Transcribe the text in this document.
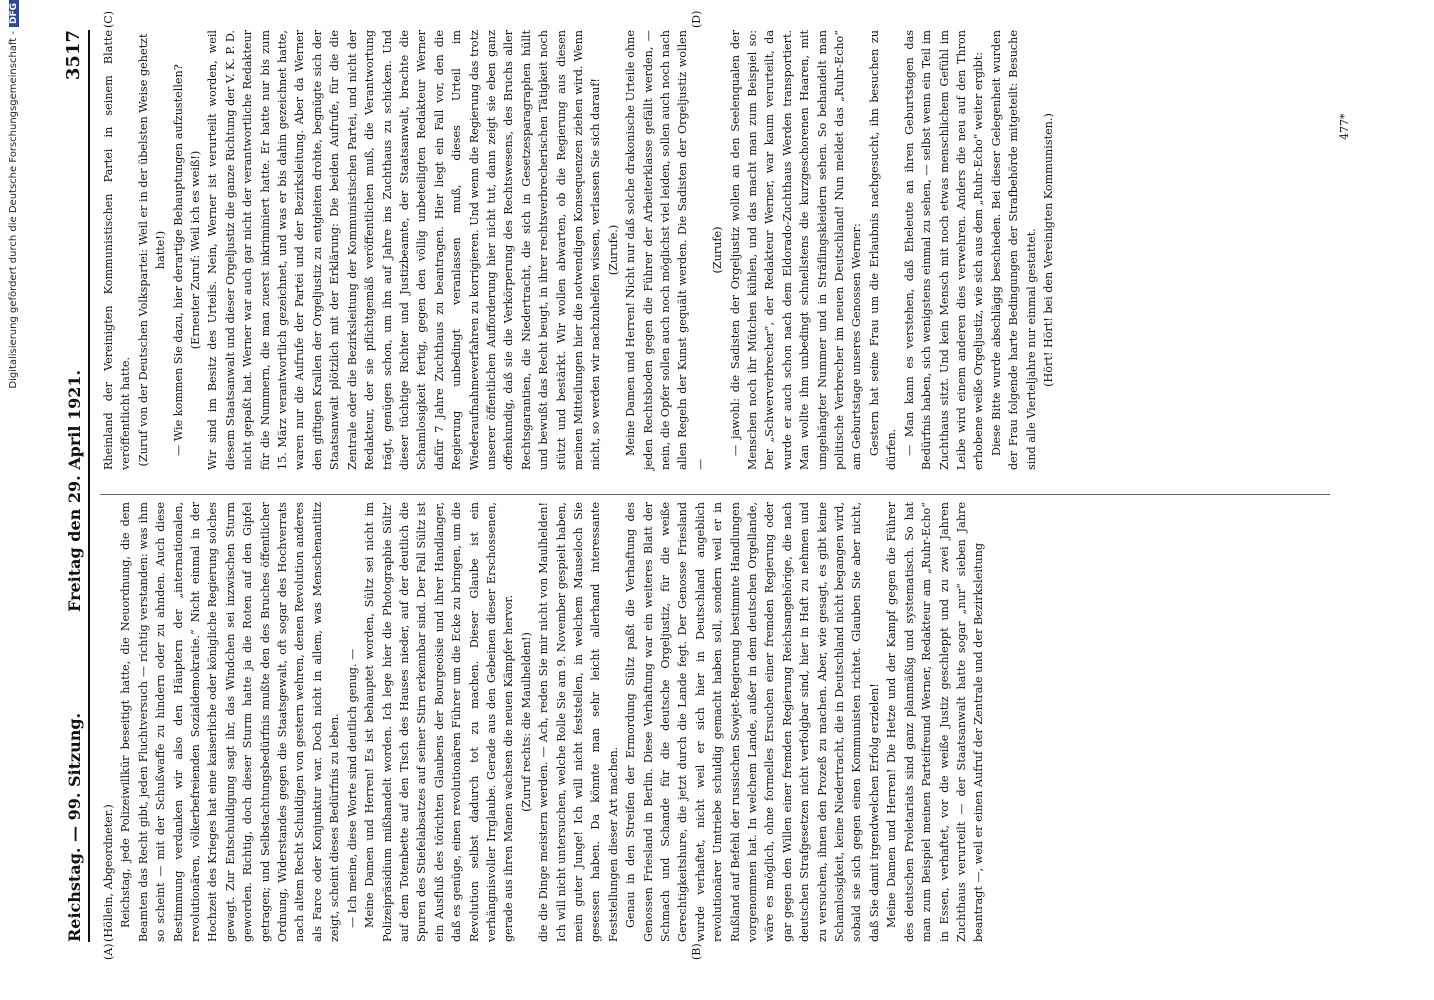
Reichstag. — 99. Sitzung.
Freitag den 29. April 1921.
3517
(A)	(B)
(C)	(D)

(Höllein, Abgeordneter.) Reichstag, jede Polizeiwillkür beseitigt hatte, die Neuordnung, die dem Beamten das Recht gibt, jeden Fluchtversuch — richtig verstanden: was ihm so scheint — mit der Schußwaffe zu hindern oder zu ahnden. Auch diese Bestimmung verdanken wir also den Häuptern der „internationalen, revolutionären, völkerbefreienden Sozialdemokratie.“ Nicht einmal in der Hochzeit des Krieges hat eine kaiserliche oder königliche Regierung solches gewagt. Zur Entschuldigung sagt ihr, das Windchen sei inzwischen Sturm geworden. Richtig, doch dieser Sturm hatte ja die Roten auf den Gipfel getragen; und Selbstachtungsbedürfnis mußte den des Bruches öffentlicher Ordnung, Widerstandes gegen die Staatsgewalt, oft sogar des Hochverrats nach altem Recht Schuldigen von gestern wehren, denen Revolution anderes als Farce oder Konjunktur war. Doch nicht in allem, was Menschenantlitz zeigt, scheint dieses Bedürfnis zu leben. — Ich meine, diese Worte sind deutlich genug. — Meine Damen und Herren! Es ist behauptet worden, Sültz sei nicht im Polizeipräsidium mißhandelt worden. Ich lege hier die Photographie Sültz' auf dem Totenbette auf den Tisch des Hauses nieder, auf der deutlich die Spuren des Stiefelabsatzes auf seiner Stirn erkennbar sind. Der Fall Sültz ist ein Ausfluß des törichten Glaubens der Bourgeoisie und ihrer Handlanger, daß es genüge, einen revolutionären Führer um die Ecke zu bringen, um die Revolution selbst dadurch tot zu machen. Dieser Glaube ist ein verhängnisvoller Irrglaube. Gerade aus den Gebeinen dieser Erschossenen, gerade aus ihren Manen wachsen die neuen Kämpfer hervor. (Zuruf rechts: die Maulhelden!) die die Dinge meistern werden. — Ach, reden Sie mir nicht von Maulhelden! Ich will nicht untersuchen, welche Rolle Sie am 9. November gespielt haben, mein guter Junge! Ich will nicht feststellen, in welchem Mauseloch Sie gesessen haben. Da könnte man sehr leicht allerhand interessante Feststellungen dieser Art machen. Genau in den Streifen der Ermordung Sültz paßt die Verhaftung des Genossen Friesland in Berlin. Diese Verhaftung war ein weiteres Blatt der Schmach und Schande für die deutsche Orgeljustiz, für die weiße Gerechtigkeitshure, die jetzt durch die Lande fegt. Der Genosse Friesland wurde verhaftet, nicht weil er sich hier in Deutschland angeblich revolutionärer Umtriebe schuldig gemacht haben soll, sondern weil er in Rußland auf Befehl der russischen Sowjet-Regierung bestimmte Handlungen vorgenommen hat. In welchem Lande, außer in dem deutschen Orgellande, wäre es möglich, ohne formelles Ersuchen einer fremden Regierung oder gar gegen den Willen einer fremden Regierung Reichsangehörige, die nach deutschen Strafgesetzen nicht verfolgbar sind, hier in Haft zu nehmen und zu versuchen, ihnen den Prozeß zu machen. Aber, wie gesagt, es gibt keine Schamlosigkeit, keine Niedertracht, die in Deutschland nicht begangen wird, sobald sie sich gegen einen Kommunisten richtet. Glauben Sie aber nicht, daß Sie damit irgendwelchen Erfolg erzielen! Meine Damen und Herren! Die Hetze und der Kampf gegen die Führer des deutschen Proletariats sind ganz planmäßig und systematisch. So hat man zum Beispiel meinen Parteifreund Werner, Redakteur am „Ruhr-Echo“ in Essen, verhaftet, vor die weiße Justiz geschleppt und zu zwei Jahren Zuchthaus verurteilt — der Staatsanwalt hatte sogar „nur“ sieben Jahre beantragt —, weil er einen Aufruf der Zentrale und der Bezirksleitung

Rheinland der Vereinigten Kommunistischen Partei in seinem Blatte veröffentlicht hatte. (Zuruf von der Deutschen Volkspartei: Weil er in der übelsten Weise gehetzt hatte!) — Wie kommen Sie dazu, hier derartige Behauptungen aufzustellen? (Erneuter Zuruf: Weil ich es weiß!) Wir sind im Besitz des Urteils. Nein, Werner ist verurteilt worden, weil diesem Staatsanwalt und dieser Orgeljustiz die ganze Richtung der V. K. P. D. nicht gepaßt hat. Werner war auch gar nicht der verantwortliche Redakteur für die Nummern, die man zuerst inkriminiert hatte. Er hatte nur bis zum 15. März verantwortlich gezeichnet, und was er bis dahin gezeichnet hatte, waren nur die Aufrufe der Partei und der Bezirksleitung. Aber da Werner den giftigen Krallen der Orgeljustiz zu entgleiten drohte, begnügte sich der Staatsanwalt plötzlich mit der Erklärung: Die beiden Aufrufe, für die die Zentrale oder die Bezirksleitung der Kommunistischen Partei, und nicht der Redakteur, der sie pflichtgemäß veröffentlichen muß, die Verantwortung trägt, genügen schon, um ihn auf Jahre ins Zuchthaus zu schicken. Und dieser tüchtige Richter und Justizbeamte, der Staatsanwalt, brachte die Schamlosigkeit fertig, gegen den völlig unbeteiligten Redakteur Werner dafür 7 Jahre Zuchthaus zu beantragen. Hier liegt ein Fall vor, den die Regierung unbedingt veranlassen muß, dieses Urteil im Wiederaufnahmeverfahren zu korrigieren. Und wenn die Regierung das trotz unserer öffentlichen Aufforderung hier nicht tut, dann zeigt sie eben ganz offenkundig, daß sie die Verkörperung des Rechtswesens, des Bruchs aller Rechtsgarantien, die Niedertracht, die sich in Gesetzesparagraphen hüllt und bewußt das Recht beugt, in ihrer rechtsverbrecherischen Tätigkeit noch stützt und bestärkt. Wir wollen abwarten, ob die Regierung aus diesen meinen Mitteilungen hier die notwendigen Konsequenzen ziehen wird. Wenn nicht, so werden wir nachzuhelfen wissen, verlassen Sie sich darauf! (Zurufe.) Meine Damen und Herren! Nicht nur daß solche drakonische Urteile ohne jeden Rechtsboden gegen die Führer der Arbeiterklasse gefällt werden, — nein, die Opfer sollen auch noch möglichst viel leiden, sollen auch noch nach allen Regeln der Kunst gequält werden. Die Sadisten der Orgeljustiz wollen —

(Zurufe) — jawohl: die Sadisten der Orgeljustiz wollen an den Seelenqualen der Menschen noch ihr Mütchen kühlen, und das macht man zum Beispiel so: Der „Schwerverbrecher“, der Redakteur Werner, war kaum verurteilt, da wurde er auch schon nach dem Eldorado-Zuchthaus Werden transportiert. Man wollte ihm unbedingt schnellstens die kurzgeschorenen Haaren, mit umgehängter Nummer und in Sträflingskleidern sehen. So behandelt man politische Verbrecher im neuen Deutschland! Nun meldet das „Ruhr-Echo“ am Geburtstage unseres Genossen Werner: Gestern hat seine Frau um die Erlaubnis nachgesucht, ihn besuchen zu dürfen. — Man kann es verstehen, daß Eheleute an ihren Geburtstagen das Bedürfnis haben, sich wenigstens einmal zu sehen, — selbst wenn ein Teil im Zuchthaus sitzt. Und kein Mensch mit noch etwas menschlichem Gefühl im Leibe wird einem anderen dies verwehren. Anders die neu auf den Thron erhobene weiße Orgeljustiz, wie sich aus dem „Ruhr-Echo“ weiter ergibt: Diese Bitte wurde abschlägig beschieden. Bei dieser Gelegenheit wurden der Frau folgende harte Bedingungen der Strafbehörde mitgeteilt: Besuche sind alle Vierteljahre nur einmal gestattet. (Hört! Hört! bei den Vereinigten Kommunisten.)	477*
Digitalisierung gefördert durch die Deutsche Forschungsgemeinschaft -DFG
